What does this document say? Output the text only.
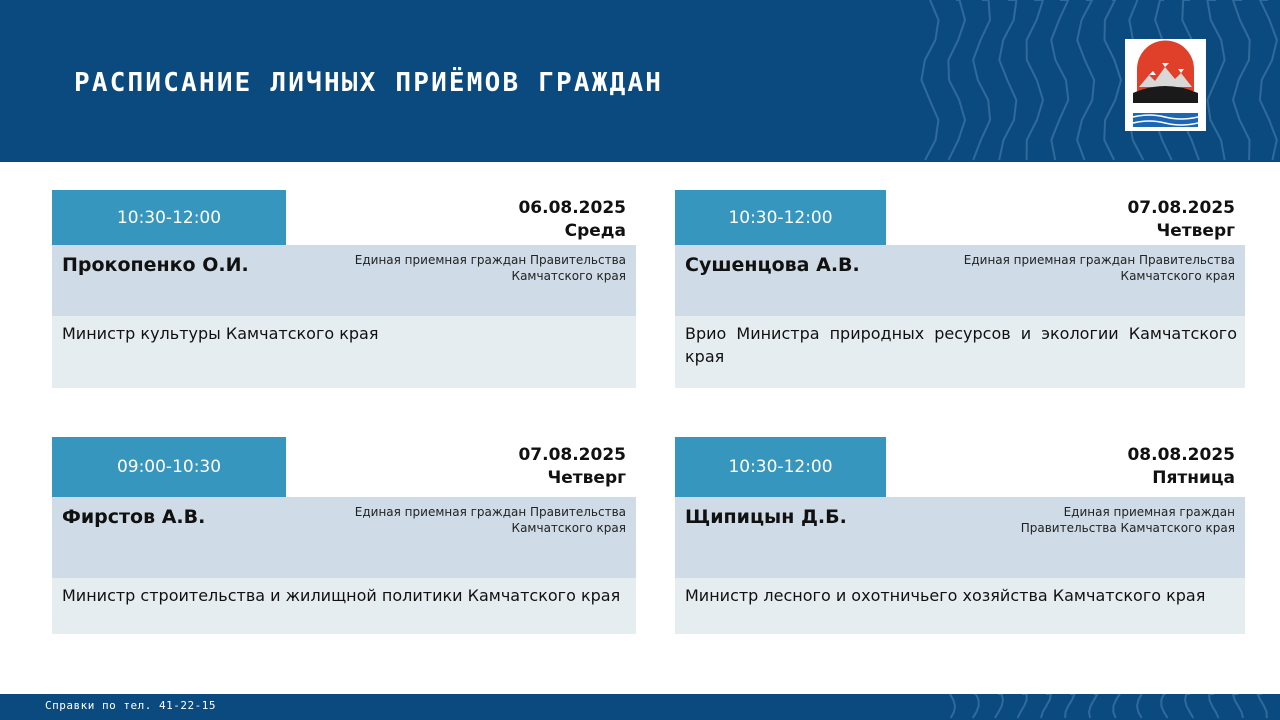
РАСПИСАНИЕ ЛИЧНЫХ ПРИЁМОВ ГРАЖДАН
10:30-12:00	06.08.2025
Среда
Прокопенко О.И.	Единая приемная граждан Правительства Камчатского края
Министр культуры Камчатского края
10:30-12:00	07.08.2025
Четверг
Сушенцова А.В.	Единая приемная граждан Правительства Камчатского края
Врио Министра природных ресурсов и экологии Камчатского края
09:00-10:30
07.08.2025
Четверг
Фирстов А.В.	Единая приемная граждан Правительства Камчатского края
Министр строительства и жилищной политики Камчатского края
10:30-12:00
08.08.2025
Пятница
Щипицын Д.Б.	Единая приемная граждан Правительства Камчатского края
Министр лесного и охотничьего хозяйства Камчатского края
Справки по тел. 41-22-15
